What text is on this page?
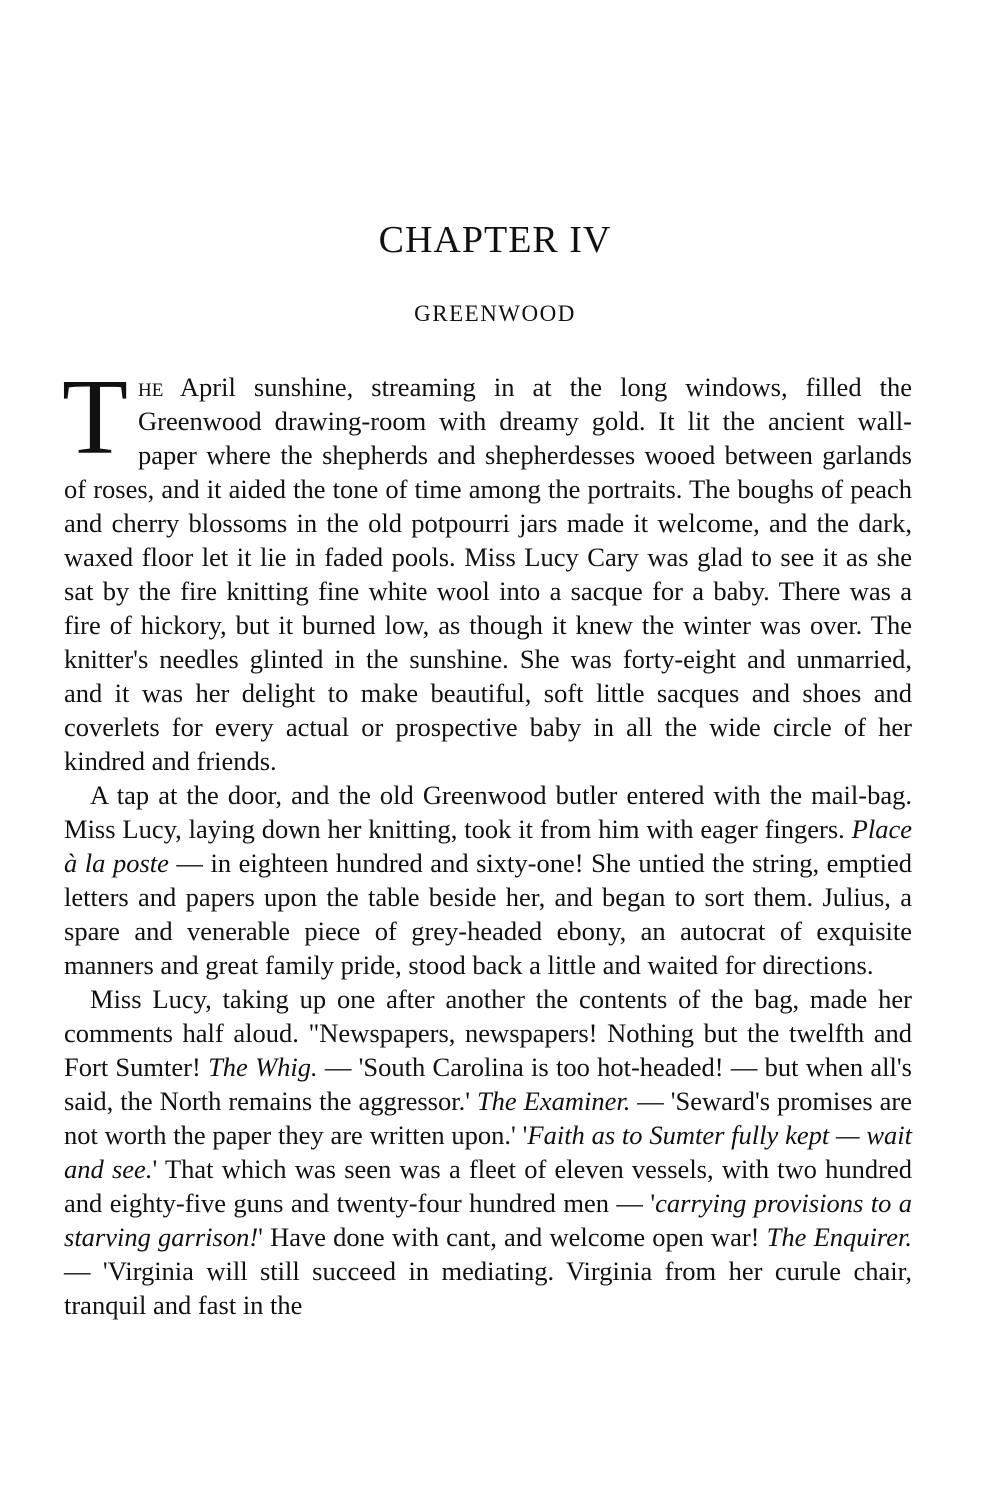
CHAPTER IV
GREENWOOD

The April sunshine, streaming in at the long windows, filled the Greenwood drawing-room with dreamy gold. It lit the ancient wall-paper where the shepherds and shepherdesses wooed between garlands of roses, and it aided the tone of time among the portraits. The boughs of peach and cherry blossoms in the old potpourri jars made it welcome, and the dark, waxed floor let it lie in faded pools. Miss Lucy Cary was glad to see it as she sat by the fire knitting fine white wool into a sacque for a baby. There was a fire of hickory, but it burned low, as though it knew the winter was over. The knitter's needles glinted in the sunshine. She was forty-eight and unmarried, and it was her delight to make beautiful, soft little sacques and shoes and coverlets for every actual or prospective baby in all the wide circle of her kindred and friends.

A tap at the door, and the old Greenwood butler entered with the mail-bag. Miss Lucy, laying down her knitting, took it from him with eager fingers. Place à la poste — in eighteen hundred and sixty-one! She untied the string, emptied letters and papers upon the table beside her, and began to sort them. Julius, a spare and venerable piece of grey-headed ebony, an autocrat of exquisite manners and great family pride, stood back a little and waited for directions.

Miss Lucy, taking up one after another the contents of the bag, made her comments half aloud. "Newspapers, newspapers! Nothing but the twelfth and Fort Sumter! The Whig. — 'South Carolina is too hot-headed! — but when all's said, the North remains the aggressor.' The Examiner. — 'Seward's promises are not worth the paper they are written upon.' 'Faith as to Sumter fully kept — wait and see.' That which was seen was a fleet of eleven vessels, with two hundred and eighty-five guns and twenty-four hundred men — 'carrying provisions to a starving garrison!' Have done with cant, and welcome open war! The Enquirer. — 'Virginia will still succeed in mediating. Virginia from her curule chair, tranquil and fast in the
